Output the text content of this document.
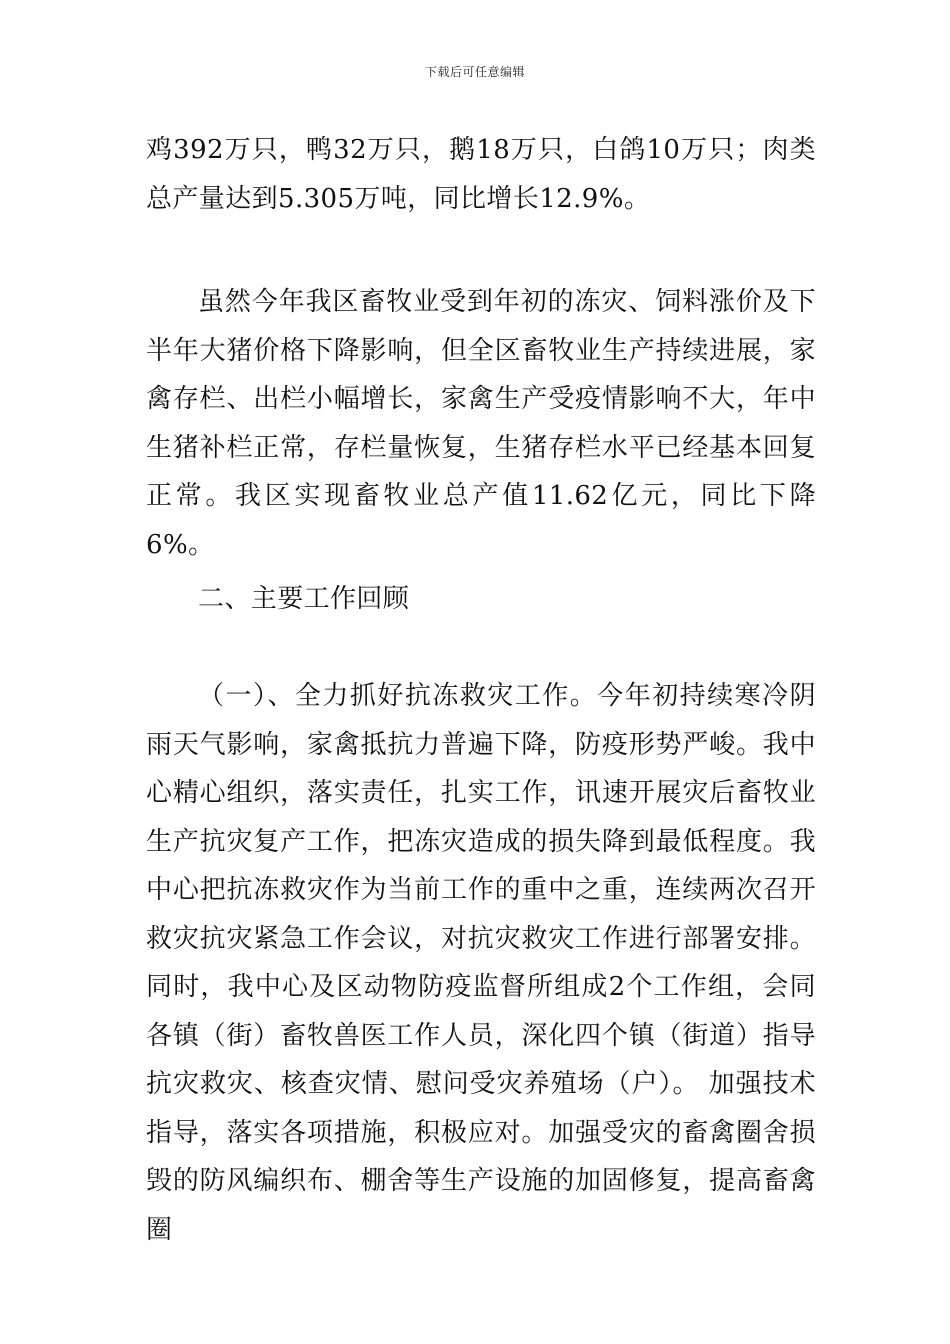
下载后可任意编辑

鸡392万只，鸭32万只，鹅18万只，白鸽10万只；肉类总产量达到5.305万吨，同比增长12.9%。

虽然今年我区畜牧业受到年初的冻灾、饲料涨价及下半年大猪价格下降影响，但全区畜牧业生产持续进展，家禽存栏、出栏小幅增长，家禽生产受疫情影响不大，年中生猪补栏正常，存栏量恢复，生猪存栏水平已经基本回复正常。我区实现畜牧业总产值11.62亿元，同比下降6%。

二、主要工作回顾

（一）、全力抓好抗冻救灾工作。今年初持续寒冷阴雨天气影响，家禽抵抗力普遍下降，防疫形势严峻。我中心精心组织，落实责任，扎实工作，讯速开展灾后畜牧业生产抗灾复产工作，把冻灾造成的损失降到最低程度。我中心把抗冻救灾作为当前工作的重中之重，连续两次召开救灾抗灾紧急工作会议，对抗灾救灾工作进行部署安排。同时，我中心及区动物防疫监督所组成2个工作组，会同各镇（街）畜牧兽医工作人员，深化四个镇（街道）指导抗灾救灾、核查灾情、慰问受灾养殖场（户）。 加强技术指导，落实各项措施，积极应对。加强受灾的畜禽圈舍损毁的防风编织布、棚舍等生产设施的加固修复，提高畜禽圈
